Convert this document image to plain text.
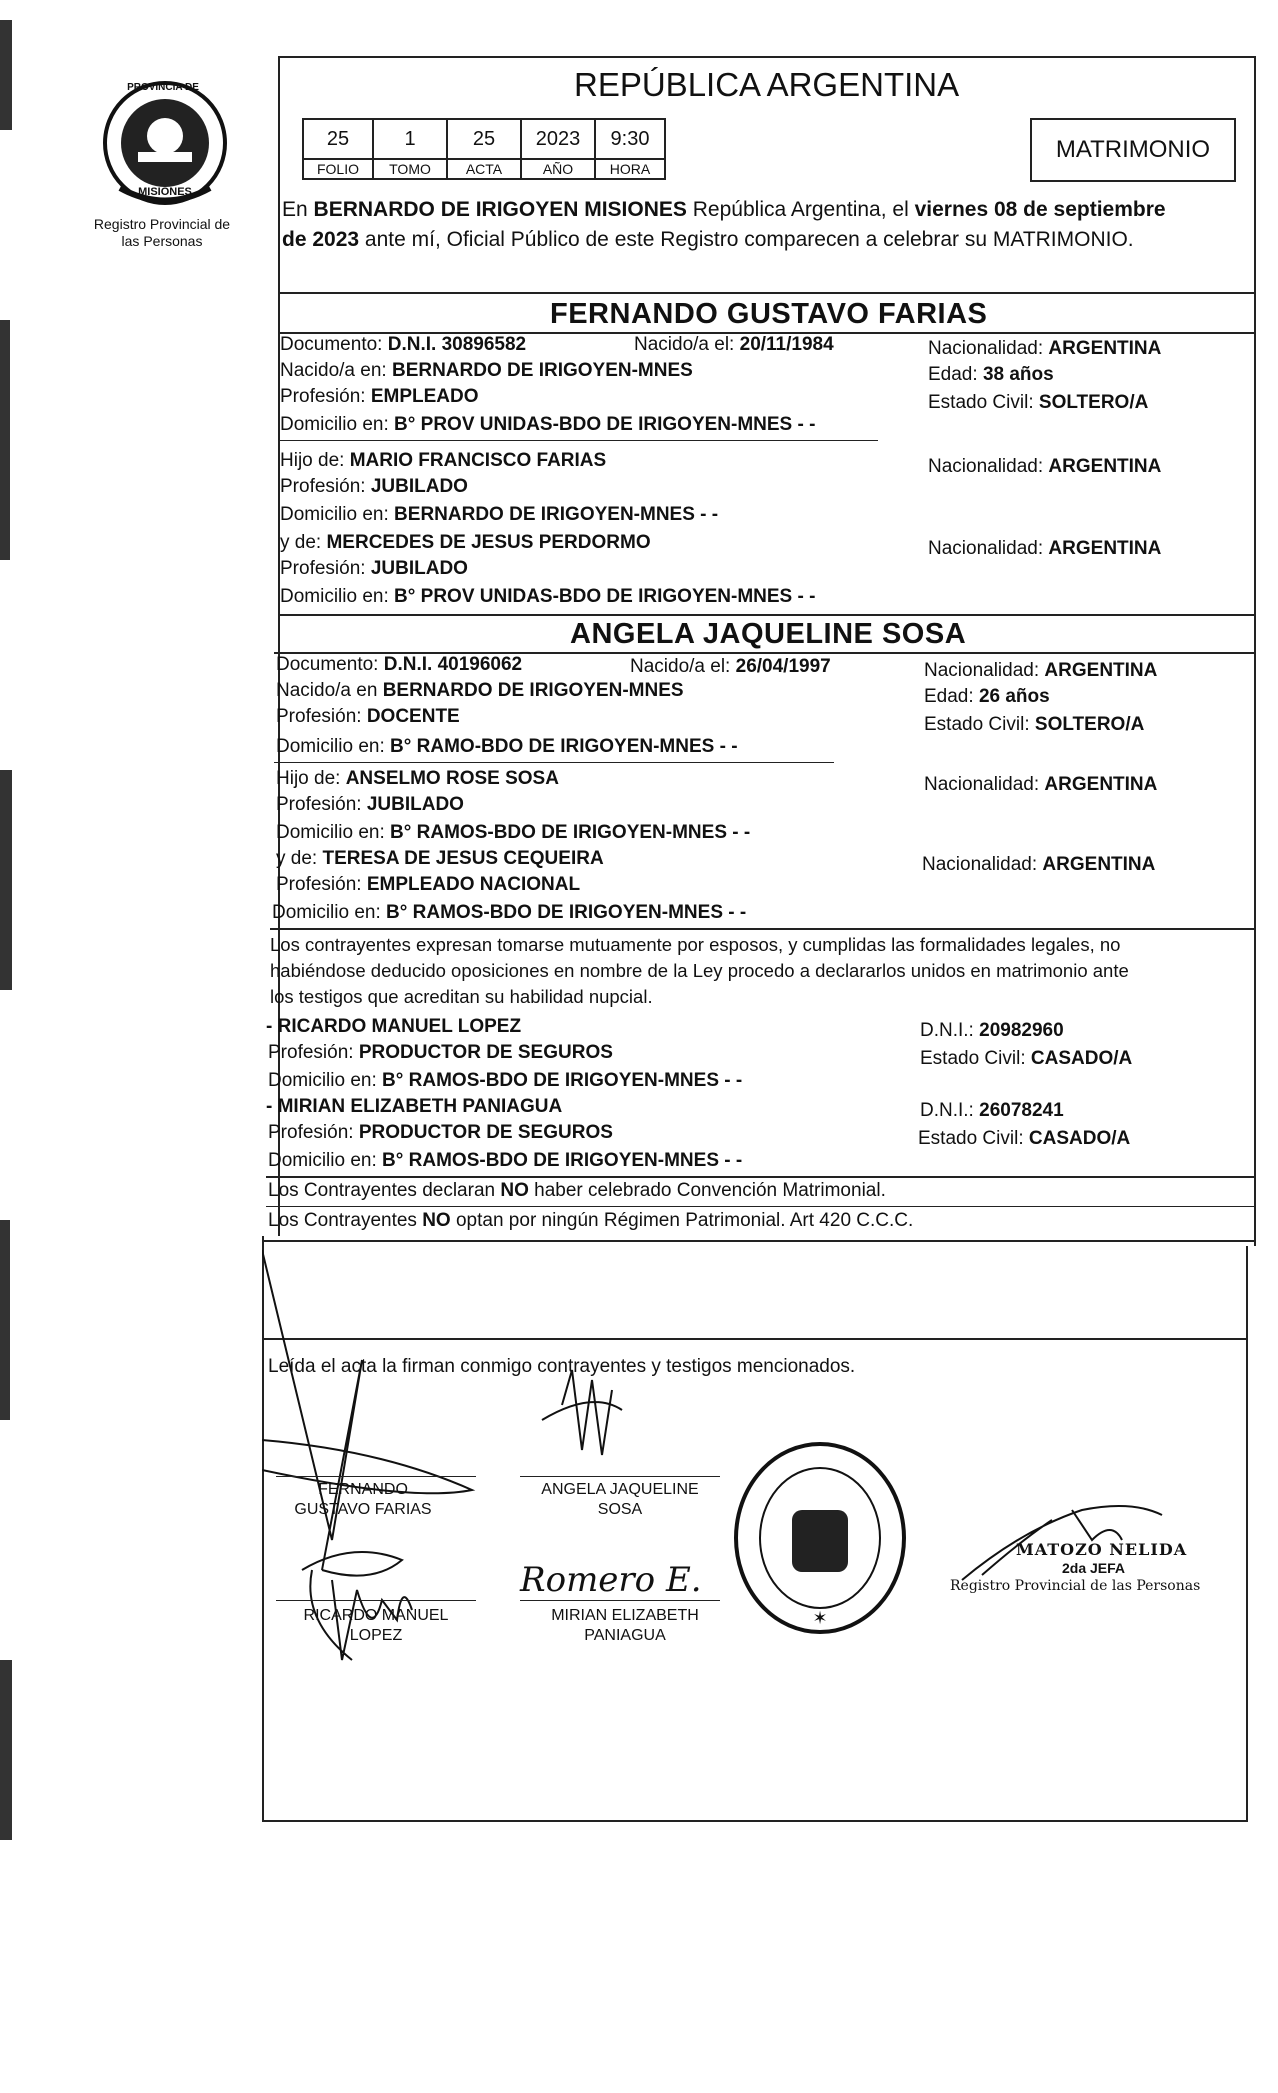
PROVINCIA DE
MISIONES
Registro Provincial de las Personas
REPÚBLICA ARGENTINA
MATRIMONIO
25	1	25	2023	9:30
FOLIO	TOMO	ACTA	AÑO	HORA
En BERNARDO DE IRIGOYEN MISIONES República Argentina, el viernes 08 de septiembre
de 2023 ante mí, Oficial Público de este Registro comparecen a celebrar su MATRIMONIO.
FERNANDO GUSTAVO FARIAS
Documento: D.N.I. 30896582	Nacido/a el: 20/11/1984	Nacionalidad: ARGENTINA
Nacido/a en: BERNARDO DE IRIGOYEN-MNES	Edad: 38 años
Profesión: EMPLEADO	Estado Civil: SOLTERO/A
Domicilio en: B° PROV UNIDAS-BDO DE IRIGOYEN-MNES - -
Hijo de: MARIO FRANCISCO FARIAS	Nacionalidad: ARGENTINA
Profesión: JUBILADO
Domicilio en: BERNARDO DE IRIGOYEN-MNES - -
y de: MERCEDES DE JESUS PERDORMO	Nacionalidad: ARGENTINA
Profesión: JUBILADO
Domicilio en: B° PROV UNIDAS-BDO DE IRIGOYEN-MNES - -
ANGELA JAQUELINE SOSA
Documento: D.N.I. 40196062	Nacido/a el: 26/04/1997	Nacionalidad: ARGENTINA
Nacido/a en BERNARDO DE IRIGOYEN-MNES	Edad: 26 años
Profesión: DOCENTE	Estado Civil: SOLTERO/A
Domicilio en: B° RAMO-BDO DE IRIGOYEN-MNES - -
Hijo de: ANSELMO ROSE SOSA	Nacionalidad: ARGENTINA
Profesión: JUBILADO
Domicilio en: B° RAMOS-BDO DE IRIGOYEN-MNES - -
y de: TERESA DE JESUS CEQUEIRA	Nacionalidad: ARGENTINA
Profesión: EMPLEADO NACIONAL
Domicilio en: B° RAMOS-BDO DE IRIGOYEN-MNES - -
Los contrayentes expresan tomarse mutuamente por esposos, y cumplidas las formalidades legales, no
habiéndose deducido oposiciones en nombre de la Ley procedo a declararlos unidos en matrimonio ante
los testigos que acreditan su habilidad nupcial.
- RICARDO MANUEL LOPEZ	D.N.I.: 20982960
Profesión: PRODUCTOR DE SEGUROS	Estado Civil: CASADO/A
Domicilio en: B° RAMOS-BDO DE IRIGOYEN-MNES - -
- MIRIAN ELIZABETH PANIAGUA	D.N.I.: 26078241
Profesión: PRODUCTOR DE SEGUROS	Estado Civil: CASADO/A
Domicilio en: B° RAMOS-BDO DE IRIGOYEN-MNES - -
Los Contrayentes declaran NO haber celebrado Convención Matrimonial.
Los Contrayentes NO optan por ningún Régimen Patrimonial. Art 420 C.C.C.
Leída el acta la firman conmigo contrayentes y testigos mencionados.
FERNANDO GUSTAVO FARIAS
ANGELA JAQUELINE SOSA
RICARDO MANUEL LOPEZ
MIRIAN ELIZABETH PANIAGUA
Romero E.
✶
MATOZO NELIDA
2da JEFA
Registro Provincial de las Personas
